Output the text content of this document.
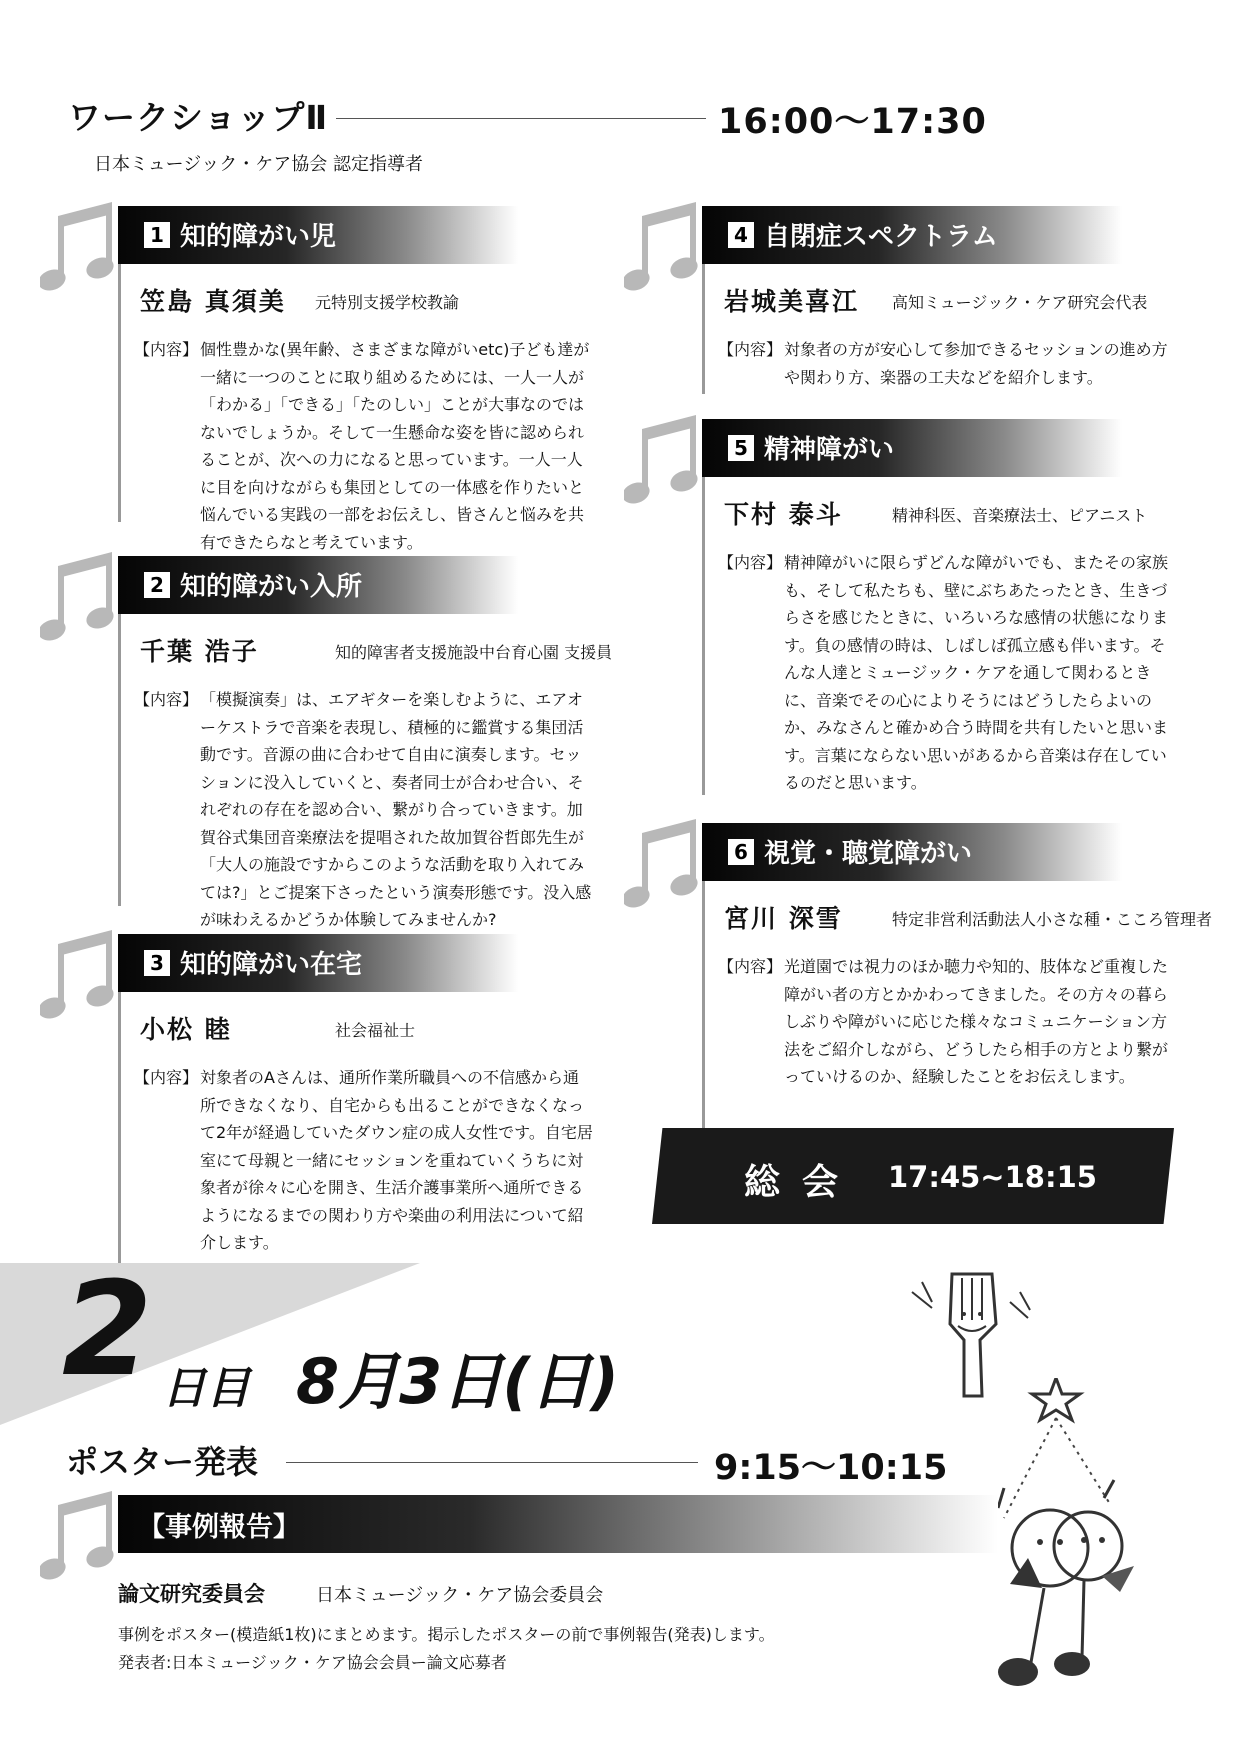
ワークショップⅡ	16:00～17:30
日本ミュージック・ケア協会 認定指導者
1 知的障がい児
笠島 真須美 元特別支援学校教諭
【内容】 個性豊かな(異年齢、さまざまな障がいetc)子ども達が一緒に一つのことに取り組めるためには、一人一人が「わかる」「できる」「たのしい」ことが大事なのではないでしょうか。そして一生懸命な姿を皆に認められることが、次への力になると思っています。一人一人に目を向けながらも集団としての一体感を作りたいと悩んでいる実践の一部をお伝えし、皆さんと悩みを共有できたらなと考えています。
2 知的障がい入所
千葉 浩子	知的障害者支援施設中台育心園 支援員
【内容】 「模擬演奏」は、エアギターを楽しむように、エアオーケストラで音楽を表現し、積極的に鑑賞する集団活動です。音源の曲に合わせて自由に演奏します。セッションに没入していくと、奏者同士が合わせ合い、それぞれの存在を認め合い、繋がり合っていきます。加賀谷式集団音楽療法を提唱された故加賀谷哲郎先生が「大人の施設ですからこのような活動を取り入れてみては?」とご提案下さったという演奏形態です。没入感が味わえるかどうか体験してみませんか?
3 知的障がい在宅
小松 睦	社会福祉士
【内容】 対象者のAさんは、通所作業所職員への不信感から通所できなくなり、自宅からも出ることができなくなって2年が経過していたダウン症の成人女性です。自宅居室にて母親と一緒にセッションを重ねていくうちに対象者が徐々に心を開き、生活介護事業所へ通所できるようになるまでの関わり方や楽曲の利用法について紹介します。
4 自閉症スペクトラム
岩城美喜江 高知ミュージック・ケア研究会代表
【内容】 対象者の方が安心して参加できるセッションの進め方や関わり方、楽器の工夫などを紹介します。
5 精神障がい
下村 泰斗	精神科医、音楽療法士、ピアニスト
【内容】 精神障がいに限らずどんな障がいでも、またその家族も、そして私たちも、壁にぶちあたったとき、生きづらさを感じたときに、いろいろな感情の状態になります。負の感情の時は、しばしば孤立感も伴います。そんな人達とミュージック・ケアを通して関わるときに、音楽でその心によりそうにはどうしたらよいのか、みなさんと確かめ合う時間を共有したいと思います。言葉にならない思いがあるから音楽は存在しているのだと思います。
6 視覚・聴覚障がい
宮川 深雪	特定非営利活動法人小さな種・こころ管理者
【内容】 光道園では視力のほか聴力や知的、肢体など重複した障がい者の方とかかわってきました。その方々の暮らしぶりや障がいに応じた様々なコミュニケーション方法をご紹介しながら、どうしたら相手の方とより繋がっていけるのか、経験したことをお伝えします。
総会 17:45~18:15
2 日目 8月3日(日)
ポスター発表	9:15～10:15
【事例報告】
論文研究委員会	日本ミュージック・ケア協会委員会
事例をポスター(模造紙1枚)にまとめます。掲示したポスターの前で事例報告(発表)します。
発表者:日本ミュージック・ケア協会会員ー論文応募者
